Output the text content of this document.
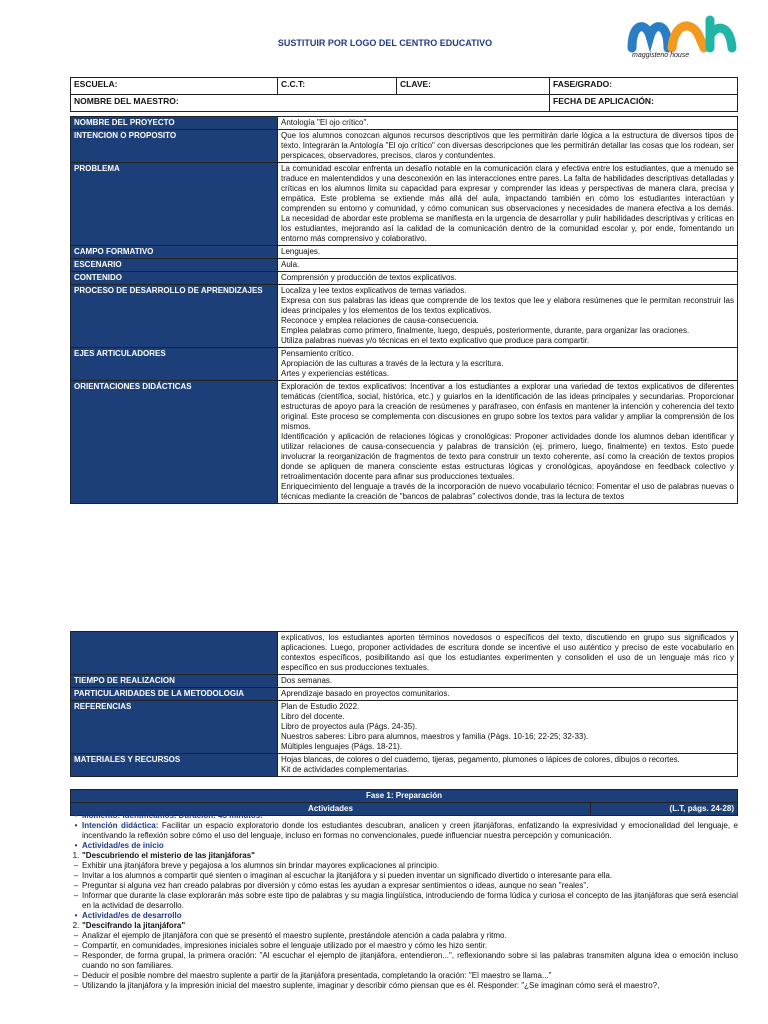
SUSTITUIR POR LOGO DEL CENTRO EDUCATIVO
maggisterio house
ESCUELA:	C.C.T:	CLAVE:	FASE/GRADO:
NOMBRE DEL MAESTRO:			FECHA DE APLICACIÓN:
NOMBRE DEL PROYECTO	Antología "El ojo crítico".

INTENCION O PROPOSITO	Que los alumnos conozcan algunos recursos descriptivos que les permitirán darle lógica a la estructura de diversos tipos de texto. Integrarán la Antología "El ojo crítico" con diversas descripciones que les permitirán detallar las cosas que los rodean, ser perspicaces, observadores, precisos, claros y contundentes.

PROBLEMA	La comunidad escolar enfrenta un desafío notable en la comunicación clara y efectiva entre los estudiantes, que a menudo se traduce en malentendidos y una desconexión en las interacciones entre pares. La falta de habilidades descriptivas detalladas y críticas en los alumnos limita su capacidad para expresar y comprender las ideas y perspectivas de manera clara, precisa y empática. Este problema se extiende más allá del aula, impactando también en cómo los estudiantes interactúan y comprenden su entorno y comunidad, y cómo comunican sus observaciones y necesidades de manera efectiva a los demás. La necesidad de abordar este problema se manifiesta en la urgencia de desarrollar y pulir habilidades descriptivas y críticas en los estudiantes, mejorando así la calidad de la comunicación dentro de la comunidad escolar y, por ende, fomentando un entorno más comprensivo y colaborativo.

CAMPO FORMATIVO	Lenguajes.

ESCENARIO	Aula.

CONTENIDO	Comprensión y producción de textos explicativos.

PROCESO DE DESARROLLO DE APRENDIZAJES	Localiza y lee textos explicativos de temas variados.

Expresa con sus palabras las ideas que comprende de los textos que lee y elabora resúmenes que le permitan reconstruir las ideas principales y los elementos de los textos explicativos.

Reconoce y emplea relaciones de causa-consecuencia.

Emplea palabras como primero, finalmente, luego, después, posteriormente, durante, para organizar las oraciones.

Utiliza palabras nuevas y/o técnicas en el texto explicativo que produce para compartir.

EJES ARTICULADORES	Pensamiento crítico.

Apropiación de las culturas a través de la lectura y la escritura.

Artes y experiencias estéticas.

ORIENTACIONES DIDÁCTICAS	Exploración de textos explicativos: Incentivar a los estudiantes a explorar una variedad de textos explicativos de diferentes temáticas (científica, social, histórica, etc.) y guiarlos en la identificación de las ideas principales y secundarias. Proporcionar estructuras de apoyo para la creación de resúmenes y parafraseo, con énfasis en mantener la intención y coherencia del texto original. Este proceso se complementa con discusiones en grupo sobre los textos para validar y ampliar la comprensión de los mismos.

Identificación y aplicación de relaciones lógicas y cronológicas: Proponer actividades donde los alumnos deban identificar y utilizar relaciones de causa-consecuencia y palabras de transición (ej. primero, luego, finalmente) en textos. Esto puede involucrar la reorganización de fragmentos de texto para construir un texto coherente, así como la creación de textos propios donde se apliquen de manera consciente estas estructuras lógicas y cronológicas, apoyándose en feedback colectivo y retroalimentación docente para afinar sus producciones textuales.

Enriquecimiento del lenguaje a través de la incorporación de nuevo vocabulario técnico: Fomentar el uso de palabras nuevas o técnicas mediante la creación de "bancos de palabras" colectivos donde, tras la lectura de textos

	explicativos, los estudiantes aporten términos novedosos o específicos del texto, discutiendo en grupo sus significados y aplicaciones. Luego, proponer actividades de escritura donde se incentive el uso auténtico y preciso de este vocabulario en contextos específicos, posibilitando así que los estudiantes experimenten y consoliden el uso de un lenguaje más rico y específico en sus producciones textuales.

TIEMPO DE REALIZACION	Dos semanas.

PARTICULARIDADES DE LA METODOLOGIA	Aprendizaje basado en proyectos comunitarios.

REFERENCIAS	Plan de Estudio 2022.

Libro del docente.

Libro de proyectos aula (Págs. 24-35).

Nuestros saberes: Libro para alumnos, maestros y familia (Págs. 10-16; 22-25; 32-33).

Múltiples lenguajes (Págs. 18-21).

MATERIALES Y RECURSOS	Hojas blancas, de colores o del cuaderno, tijeras, pegamento, plumones o lápices de colores, dibujos o recortes.

Kit de actividades complementarias.

Fase 1: Preparación
Actividades	(L.T, págs. 24-28)
• Momento: Identificamos. Duración: 45 minutos.
• Intención didáctica: Facilitar un espacio exploratorio donde los estudiantes descubran, analicen y creen jitanjáforas, enfatizando la expresividad y emocionalidad del lenguaje, e incentivando la reflexión sobre cómo el uso del lenguaje, incluso en formas no convencionales, puede influenciar nuestra percepción y comunicación.
• Actividad/es de inicio
1. "Descubriendo el misterio de las jitanjáforas"
– Exhibir una jitanjáfora breve y pegajosa a los alumnos sin brindar mayores explicaciones al principio.
– Invitar a los alumnos a compartir qué sienten o imaginan al escuchar la jitanjáfora y si pueden inventar un significado divertido o interesante para ella.
– Preguntar si alguna vez han creado palabras por diversión y cómo estas les ayudan a expresar sentimientos o ideas, aunque no sean "reales".
– Informar que durante la clase explorarán más sobre este tipo de palabras y su magia lingüística, introduciendo de forma lúdica y curiosa el concepto de las jitanjáforas que será esencial en la actividad de desarrollo.
• Actividad/es de desarrollo
2. "Descifrando la jitanjáfora"
– Analizar el ejemplo de jitanjáfora con que se presentó el maestro suplente, prestándole atención a cada palabra y ritmo.
– Compartir, en comunidades, impresiones iniciales sobre el lenguaje utilizado por el maestro y cómo les hizo sentir.
– Responder, de forma grupal, la primera oración: "Al escuchar el ejemplo de jitanjáfora, entendieron...", reflexionando sobre si las palabras transmiten alguna idea o emoción incluso cuando no son familiares.
– Deducir el posible nombre del maestro suplente a partir de la jitanjáfora presentada, completando la oración: "El maestro se llama..."
– Utilizando la jitanjáfora y la impresión inicial del maestro suplente, imaginar y describir cómo piensan que es él. Responder: "¿Se imaginan cómo será el maestro?,
